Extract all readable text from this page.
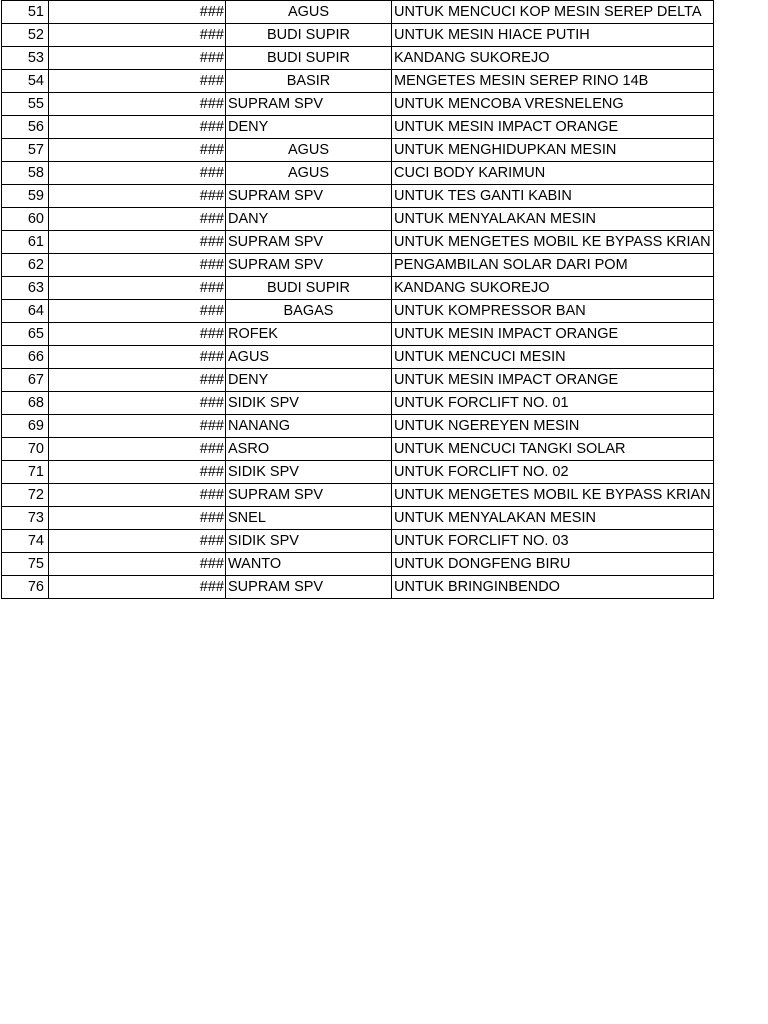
51	###	AGUS	UNTUK MENCUCI KOP MESIN SEREP DELTA
52	###	BUDI SUPIR	UNTUK MESIN HIACE PUTIH
53	###	BUDI SUPIR	KANDANG SUKOREJO
54	###	BASIR	MENGETES MESIN SEREP RINO 14B
55	###	SUPRAM SPV	UNTUK MENCOBA VRESNELENG
56	###	DENY	UNTUK MESIN IMPACT ORANGE
57	###	AGUS	UNTUK MENGHIDUPKAN MESIN
58	###	AGUS	CUCI BODY KARIMUN
59	###	SUPRAM SPV	UNTUK TES GANTI KABIN
60	###	DANY	UNTUK MENYALAKAN MESIN
61	###	SUPRAM SPV	UNTUK MENGETES MOBIL KE BYPASS KRIAN
62	###	SUPRAM SPV	PENGAMBILAN SOLAR DARI POM
63	###	BUDI SUPIR	KANDANG SUKOREJO
64	###	BAGAS	UNTUK KOMPRESSOR BAN
65	###	ROFEK	UNTUK MESIN IMPACT ORANGE
66	###	AGUS	UNTUK MENCUCI MESIN
67	###	DENY	UNTUK MESIN IMPACT ORANGE
68	###	SIDIK SPV	UNTUK FORCLIFT NO. 01
69	###	NANANG	UNTUK NGEREYEN MESIN
70	###	ASRO	UNTUK MENCUCI TANGKI SOLAR
71	###	SIDIK SPV	UNTUK FORCLIFT NO. 02
72	###	SUPRAM SPV	UNTUK MENGETES MOBIL KE BYPASS KRIAN
73	###	SNEL	UNTUK MENYALAKAN MESIN
74	###	SIDIK SPV	UNTUK FORCLIFT NO. 03
75	###	WANTO	UNTUK DONGFENG BIRU
76	###	SUPRAM SPV	UNTUK BRINGINBENDO
